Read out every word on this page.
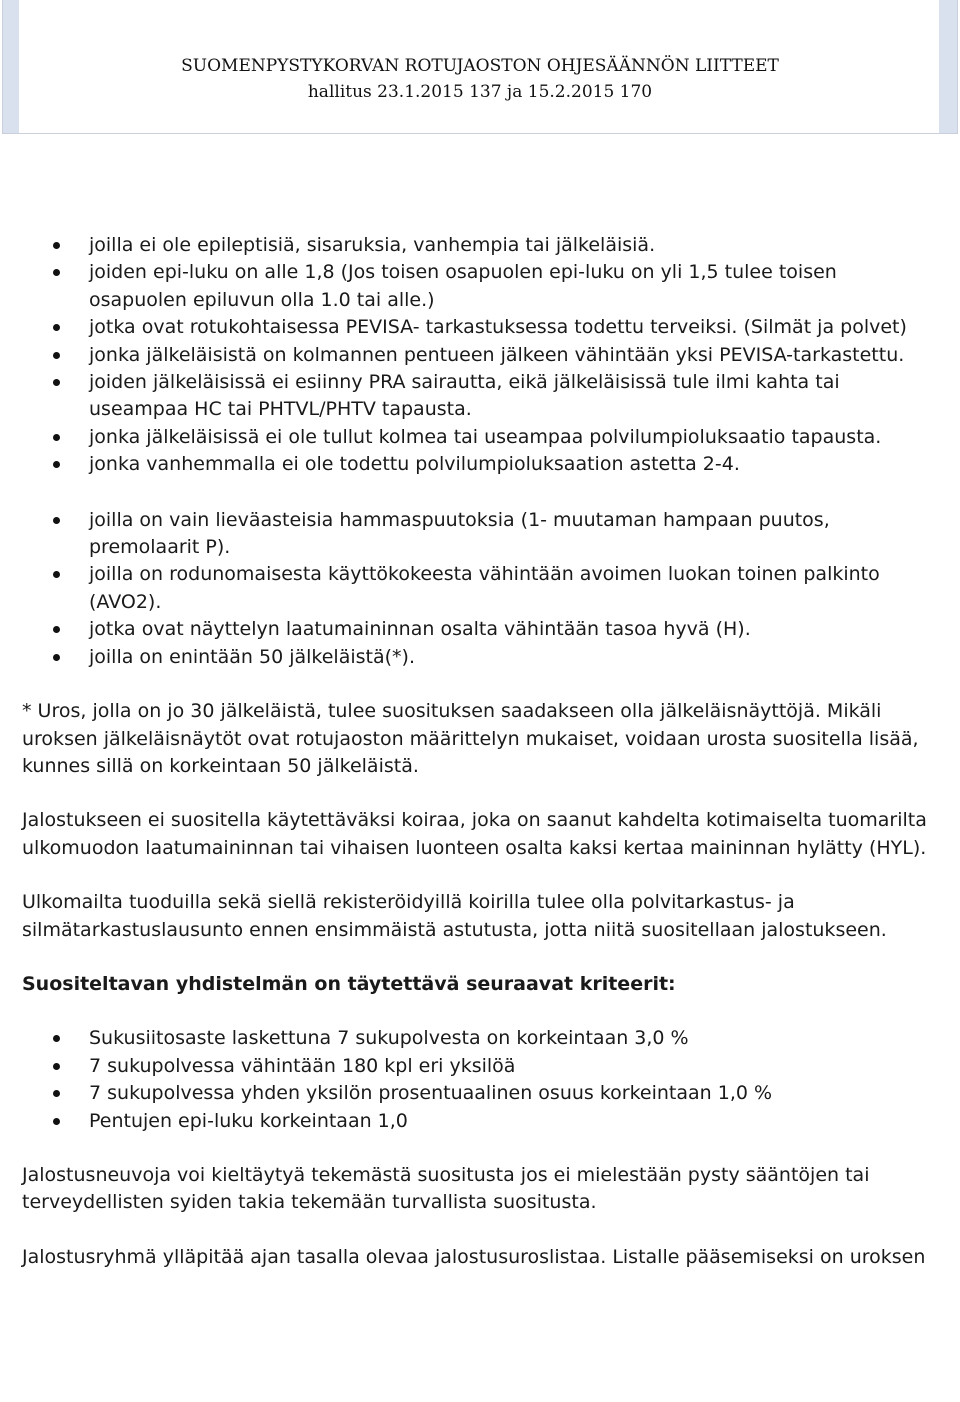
SUOMENPYSTYKORVAN ROTUJAOSTON OHJESÄÄNNÖN LIITTEET
hallitus 23.1.2015 137 ja 15.2.2015 170
joilla ei ole epileptisiä, sisaruksia, vanhempia tai jälkeläisiä.
joiden epi-luku on alle 1,8 (Jos toisen osapuolen epi-luku on yli 1,5 tulee toisen osapuolen epiluvun olla 1.0 tai alle.)
jotka ovat rotukohtaisessa PEVISA- tarkastuksessa todettu terveiksi. (Silmät ja polvet)
jonka jälkeläisistä on kolmannen pentueen jälkeen vähintään yksi PEVISA-tarkastettu.
joiden jälkeläisissä ei esiinny PRA sairautta, eikä jälkeläisissä tule ilmi kahta tai useampaa HC tai PHTVL/PHTV tapausta.
jonka jälkeläisissä ei ole tullut kolmea tai useampaa polvilumpioluksaatio tapausta.
jonka vanhemmalla ei ole todettu polvilumpioluksaation astetta 2-4.
joilla on vain lieväasteisia hammaspuutoksia (1- muutaman hampaan puutos, premolaarit P).
joilla on rodunomaisesta käyttökokeesta vähintään avoimen luokan toinen palkinto (AVO2).
jotka ovat näyttelyn laatumaininnan osalta vähintään tasoa hyvä (H).
joilla on enintään 50 jälkeläistä(*).

* Uros, jolla on jo 30 jälkeläistä, tulee suosituksen saadakseen olla jälkeläisnäyttöjä. Mikäli uroksen jälkeläisnäytöt ovat rotujaoston määrittelyn mukaiset, voidaan urosta suositella lisää, kunnes sillä on korkeintaan 50 jälkeläistä.

Jalostukseen ei suositella käytettäväksi koiraa, joka on saanut kahdelta kotimaiselta tuomarilta ulkomuodon laatumaininnan tai vihaisen luonteen osalta kaksi kertaa maininnan hylätty (HYL).

Ulkomailta tuoduilla sekä siellä rekisteröidyillä koirilla tulee olla polvitarkastus- ja silmätarkastuslausunto ennen ensimmäistä astutusta, jotta niitä suositellaan jalostukseen.

Suositeltavan yhdistelmän on täytettävä seuraavat kriteerit:

Sukusiitosaste laskettuna 7 sukupolvesta on korkeintaan 3,0 %
7 sukupolvessa vähintään 180 kpl eri yksilöä
7 sukupolvessa yhden yksilön prosentuaalinen osuus korkeintaan 1,0 %
Pentujen epi-luku korkeintaan 1,0

Jalostusneuvoja voi kieltäytyä tekemästä suositusta jos ei mielestään pysty sääntöjen tai terveydellisten syiden takia tekemään turvallista suositusta.

Jalostusryhmä ylläpitää ajan tasalla olevaa jalostusuroslistaa. Listalle pääsemiseksi on uroksen
